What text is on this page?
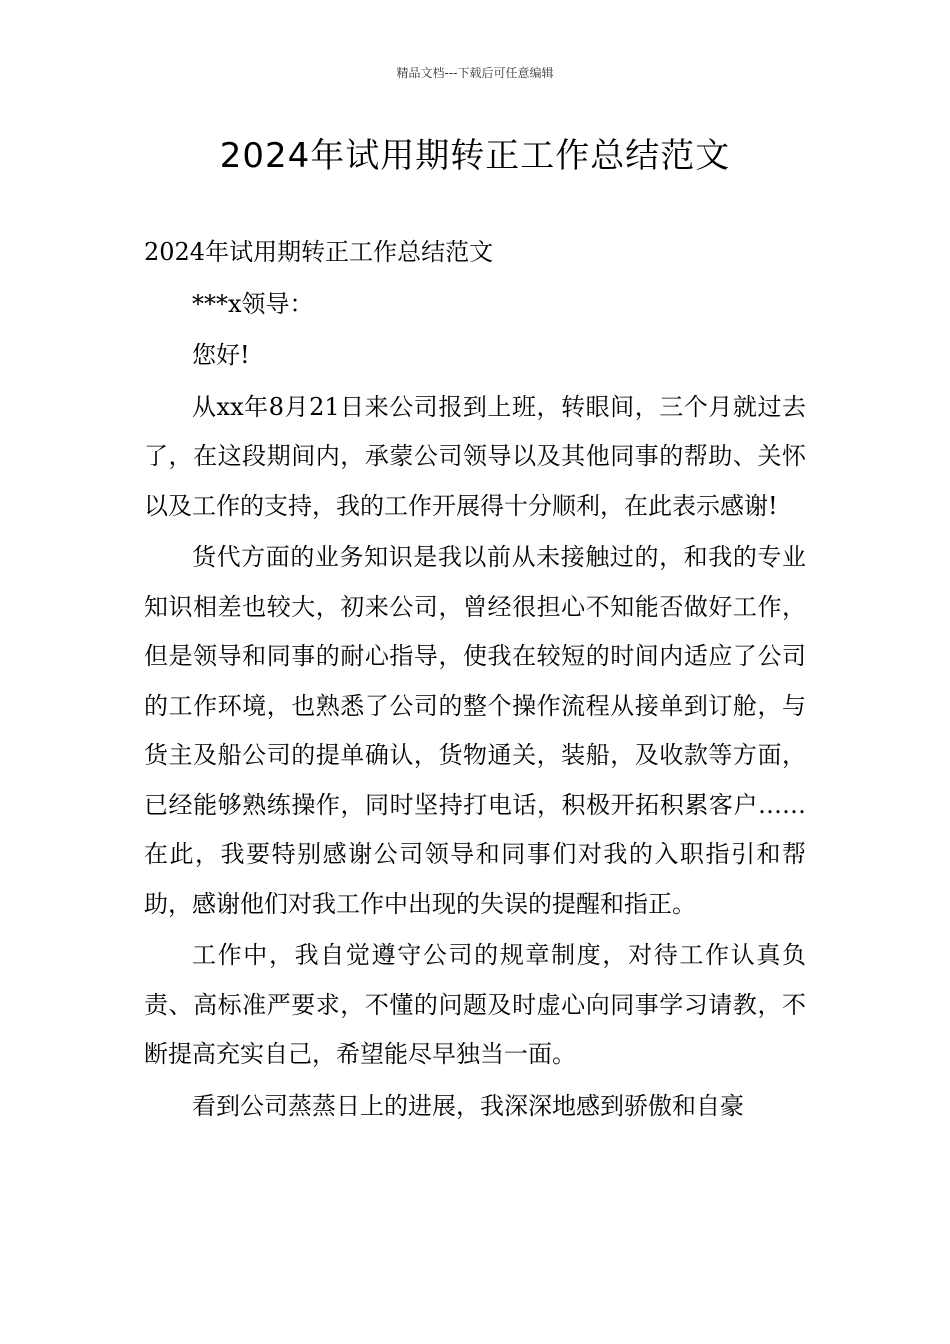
精品文档---下载后可任意编辑
2024年试用期转正工作总结范文

2024年试用期转正工作总结范文

***x领导：

您好!

从xx年8月21日来公司报到上班，转眼间，三个月就过去了，在这段期间内，承蒙公司领导以及其他同事的帮助、关怀以及工作的支持，我的工作开展得十分顺利，在此表示感谢!

货代方面的业务知识是我以前从未接触过的，和我的专业知识相差也较大，初来公司，曾经很担心不知能否做好工作，但是领导和同事的耐心指导，使我在较短的时间内适应了公司的工作环境，也熟悉了公司的整个操作流程从接单到订舱，与货主及船公司的提单确认，货物通关，装船，及收款等方面，已经能够熟练操作，同时坚持打电话，积极开拓积累客户……在此，我要特别感谢公司领导和同事们对我的入职指引和帮助，感谢他们对我工作中出现的失误的提醒和指正。

工作中，我自觉遵守公司的规章制度，对待工作认真负责、高标准严要求，不懂的问题及时虚心向同事学习请教，不断提高充实自己，希望能尽早独当一面。

看到公司蒸蒸日上的进展，我深深地感到骄傲和自豪
